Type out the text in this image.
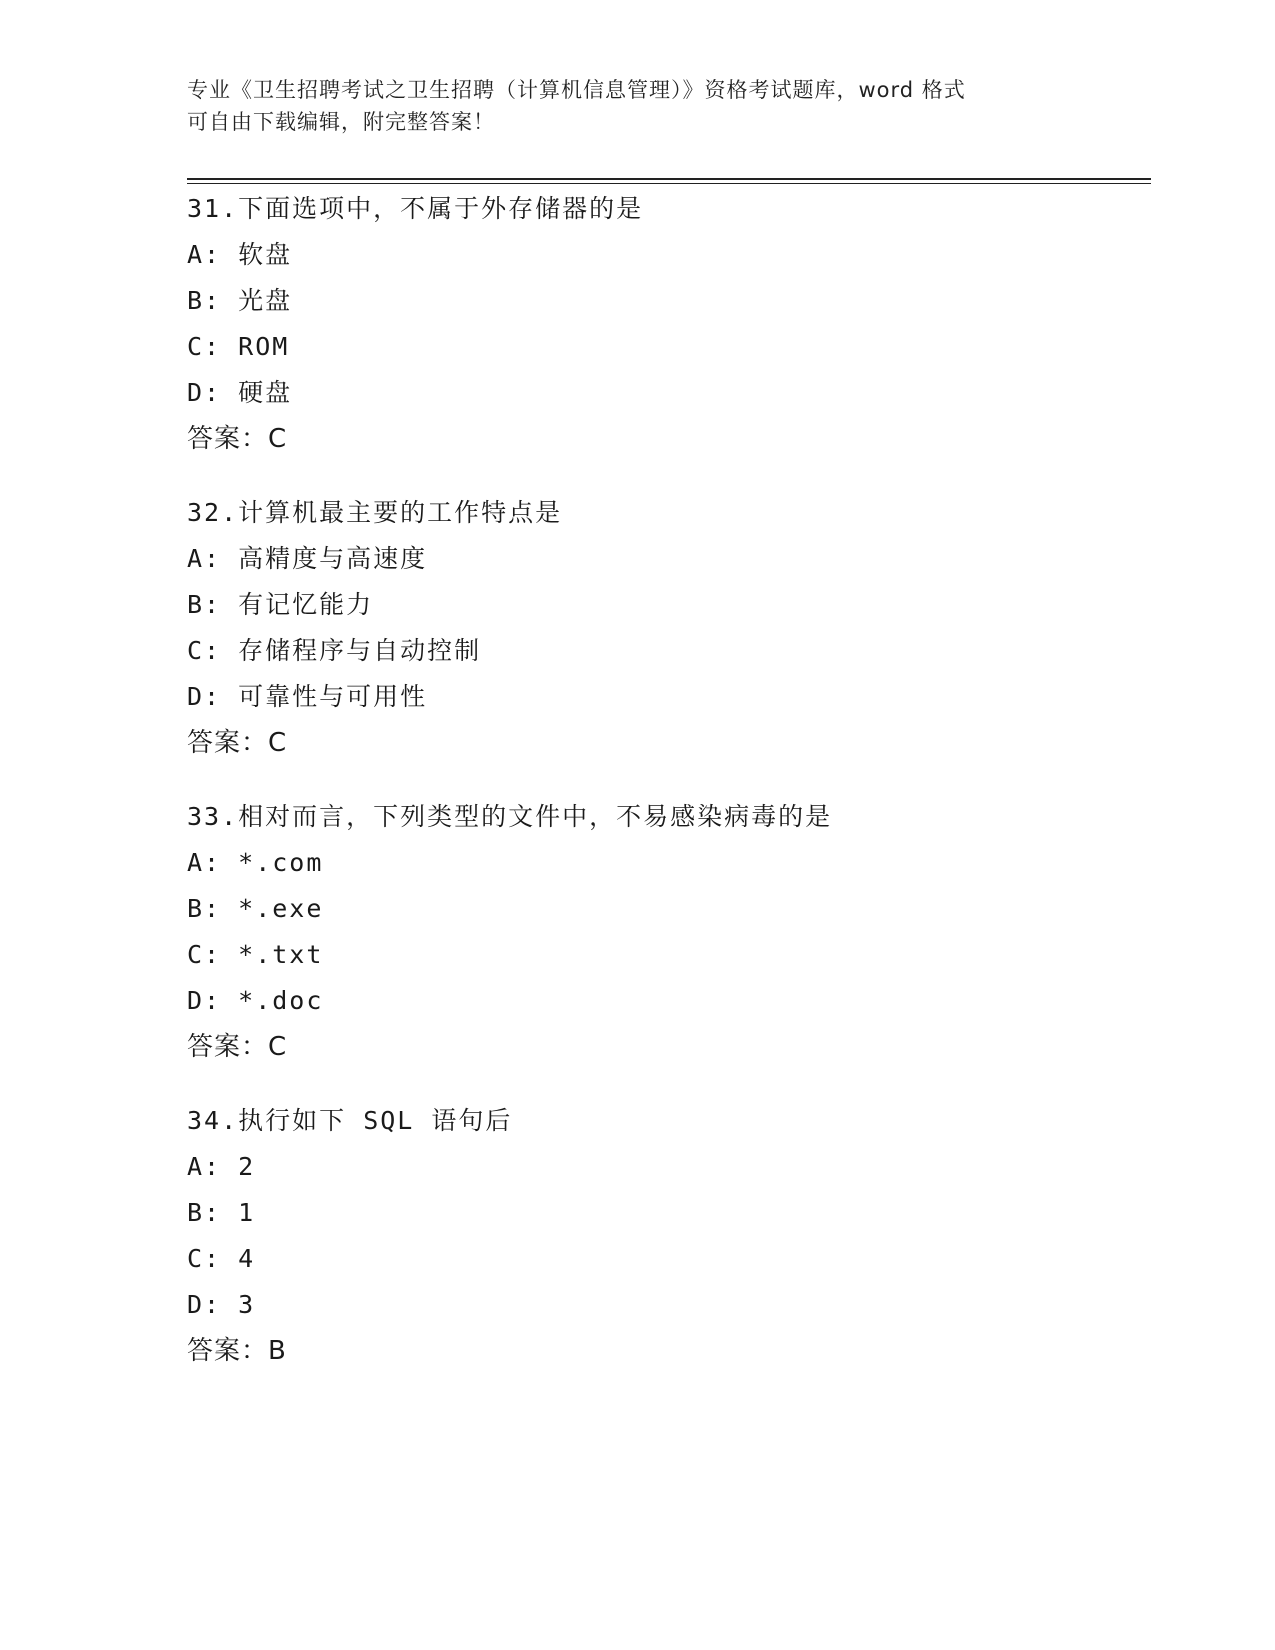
专业《卫生招聘考试之卫生招聘（计算机信息管理）》资格考试题库，word 格式
可自由下载编辑，附完整答案！
31.下面选项中，不属于外存储器的是
A: 软盘
B: 光盘
C: ROM
D: 硬盘
答案：C
32.计算机最主要的工作特点是
A: 高精度与高速度
B: 有记忆能力
C: 存储程序与自动控制
D: 可靠性与可用性
答案：C
33.相对而言，下列类型的文件中，不易感染病毒的是
A: *.com
B: *.exe
C: *.txt
D: *.doc
答案：C
34.执行如下 SQL 语句后
A: 2
B: 1
C: 4
D: 3
答案：B
